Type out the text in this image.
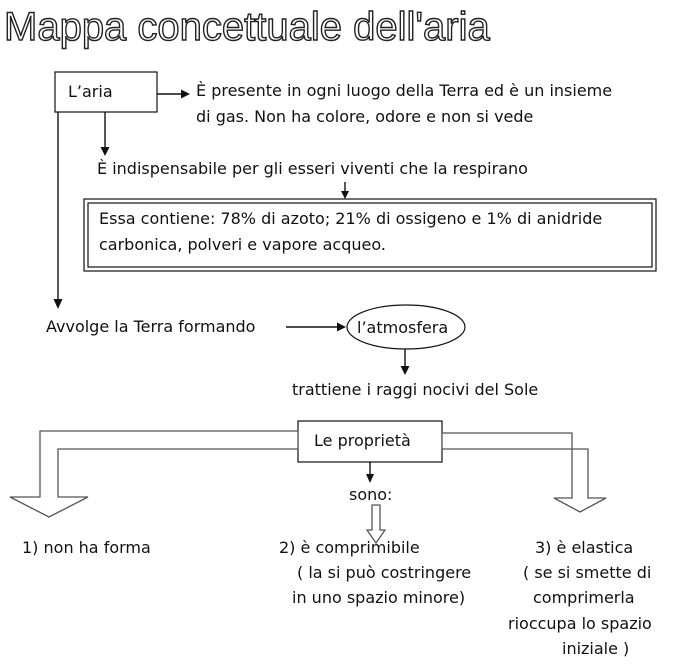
Mappa concettuale dell'aria
L’aria	È presente in ogni luogo della Terra ed è un insieme
di gas. Non ha colore, odore e non si vede
È indispensabile per gli esseri viventi che la respirano
Essa contiene: 78% di azoto; 21% di ossigeno e 1% di anidride
carbonica, polveri e vapore acqueo.
Avvolge la Terra formando	l’atmosfera
trattiene i raggi nocivi del Sole
Le proprietà
sono:
1) non ha forma	2) è comprimibile
( la si può costringere
in uno spazio minore)
3) è elastica
( se si smette di
comprimerla
rioccupa lo spazio
iniziale )
